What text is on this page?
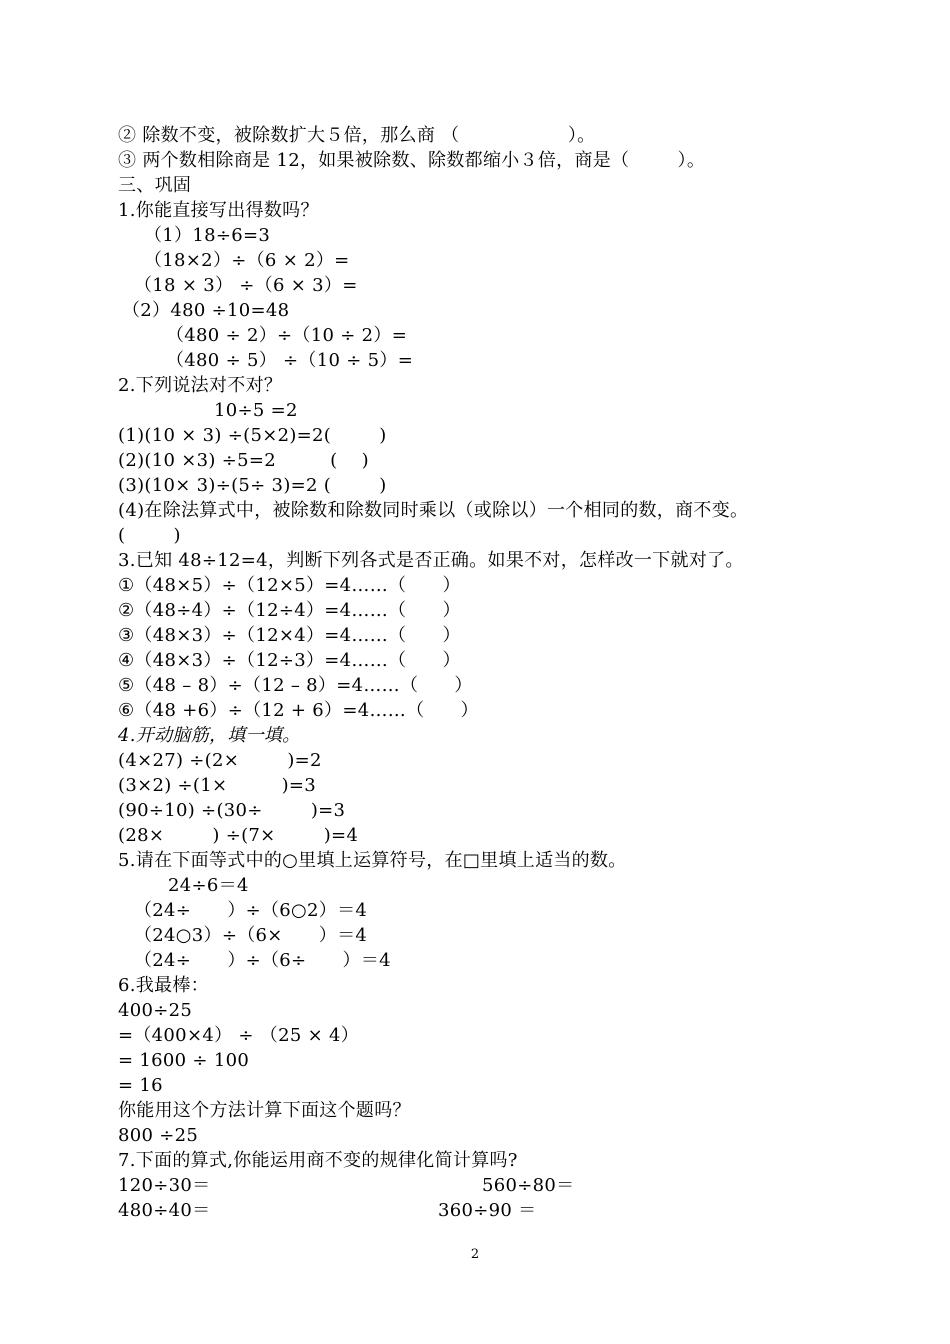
② 除数不变，被除数扩大５倍，那么商 （                  ）。
③ 两个数相除商是 12，如果被除数、除数都缩小３倍，商是（        ）。
三、巩固
1.你能直接写出得数吗？
（1）18÷6=3
（18×2）÷（6 × 2）=
（18 × 3） ÷（6 × 3）=
（2）480 ÷10=48
（480 ÷ 2）÷（10 ÷ 2）=
（480 ÷ 5） ÷（10 ÷ 5）=
2.下列说法对不对？
10÷5 =2
(1)(10 × 3) ÷(5×2)=2(        )
(2)(10 ×3) ÷5=2         (    )
(3)(10× 3)÷(5÷ 3)=2 (        )
(4)在除法算式中，被除数和除数同时乘以（或除以）一个相同的数，商不变。
(        )
3.已知 48÷12=4，判断下列各式是否正确。如果不对，怎样改一下就对了。
①（48×5）÷（12×5）=4……（      ）
②（48÷4）÷（12÷4）=4……（      ）
③（48×3）÷（12×4）=4……（      ）
④（48×3）÷（12÷3）=4……（      ）
⑤（48 – 8）÷（12 – 8）=4……（      ）
⑥（48 +6）÷（12 + 6）=4……（      ）
4.开动脑筋，填一填。
(4×27) ÷(2×        )=2
(3×2) ÷(1×         )=3
(90÷10) ÷(30÷        )=3
(28×        ) ÷(7×        )=4
5.请在下面等式中的○里填上运算符号，在□里填上适当的数。
24÷6＝4
（24÷      ）÷（6○2）＝4
（24○3）÷（6×      ）＝4
（24÷      ）÷（6÷      ）＝4
6.我最棒：
400÷25
=（400×4） ÷ （25 × 4）
= 1600 ÷ 100
= 16
你能用这个方法计算下面这个题吗？
800 ÷25
7.下面的算式,你能运用商不变的规律化简计算吗?
120÷30＝	560÷80＝
480÷40＝	360÷90 ＝
2
